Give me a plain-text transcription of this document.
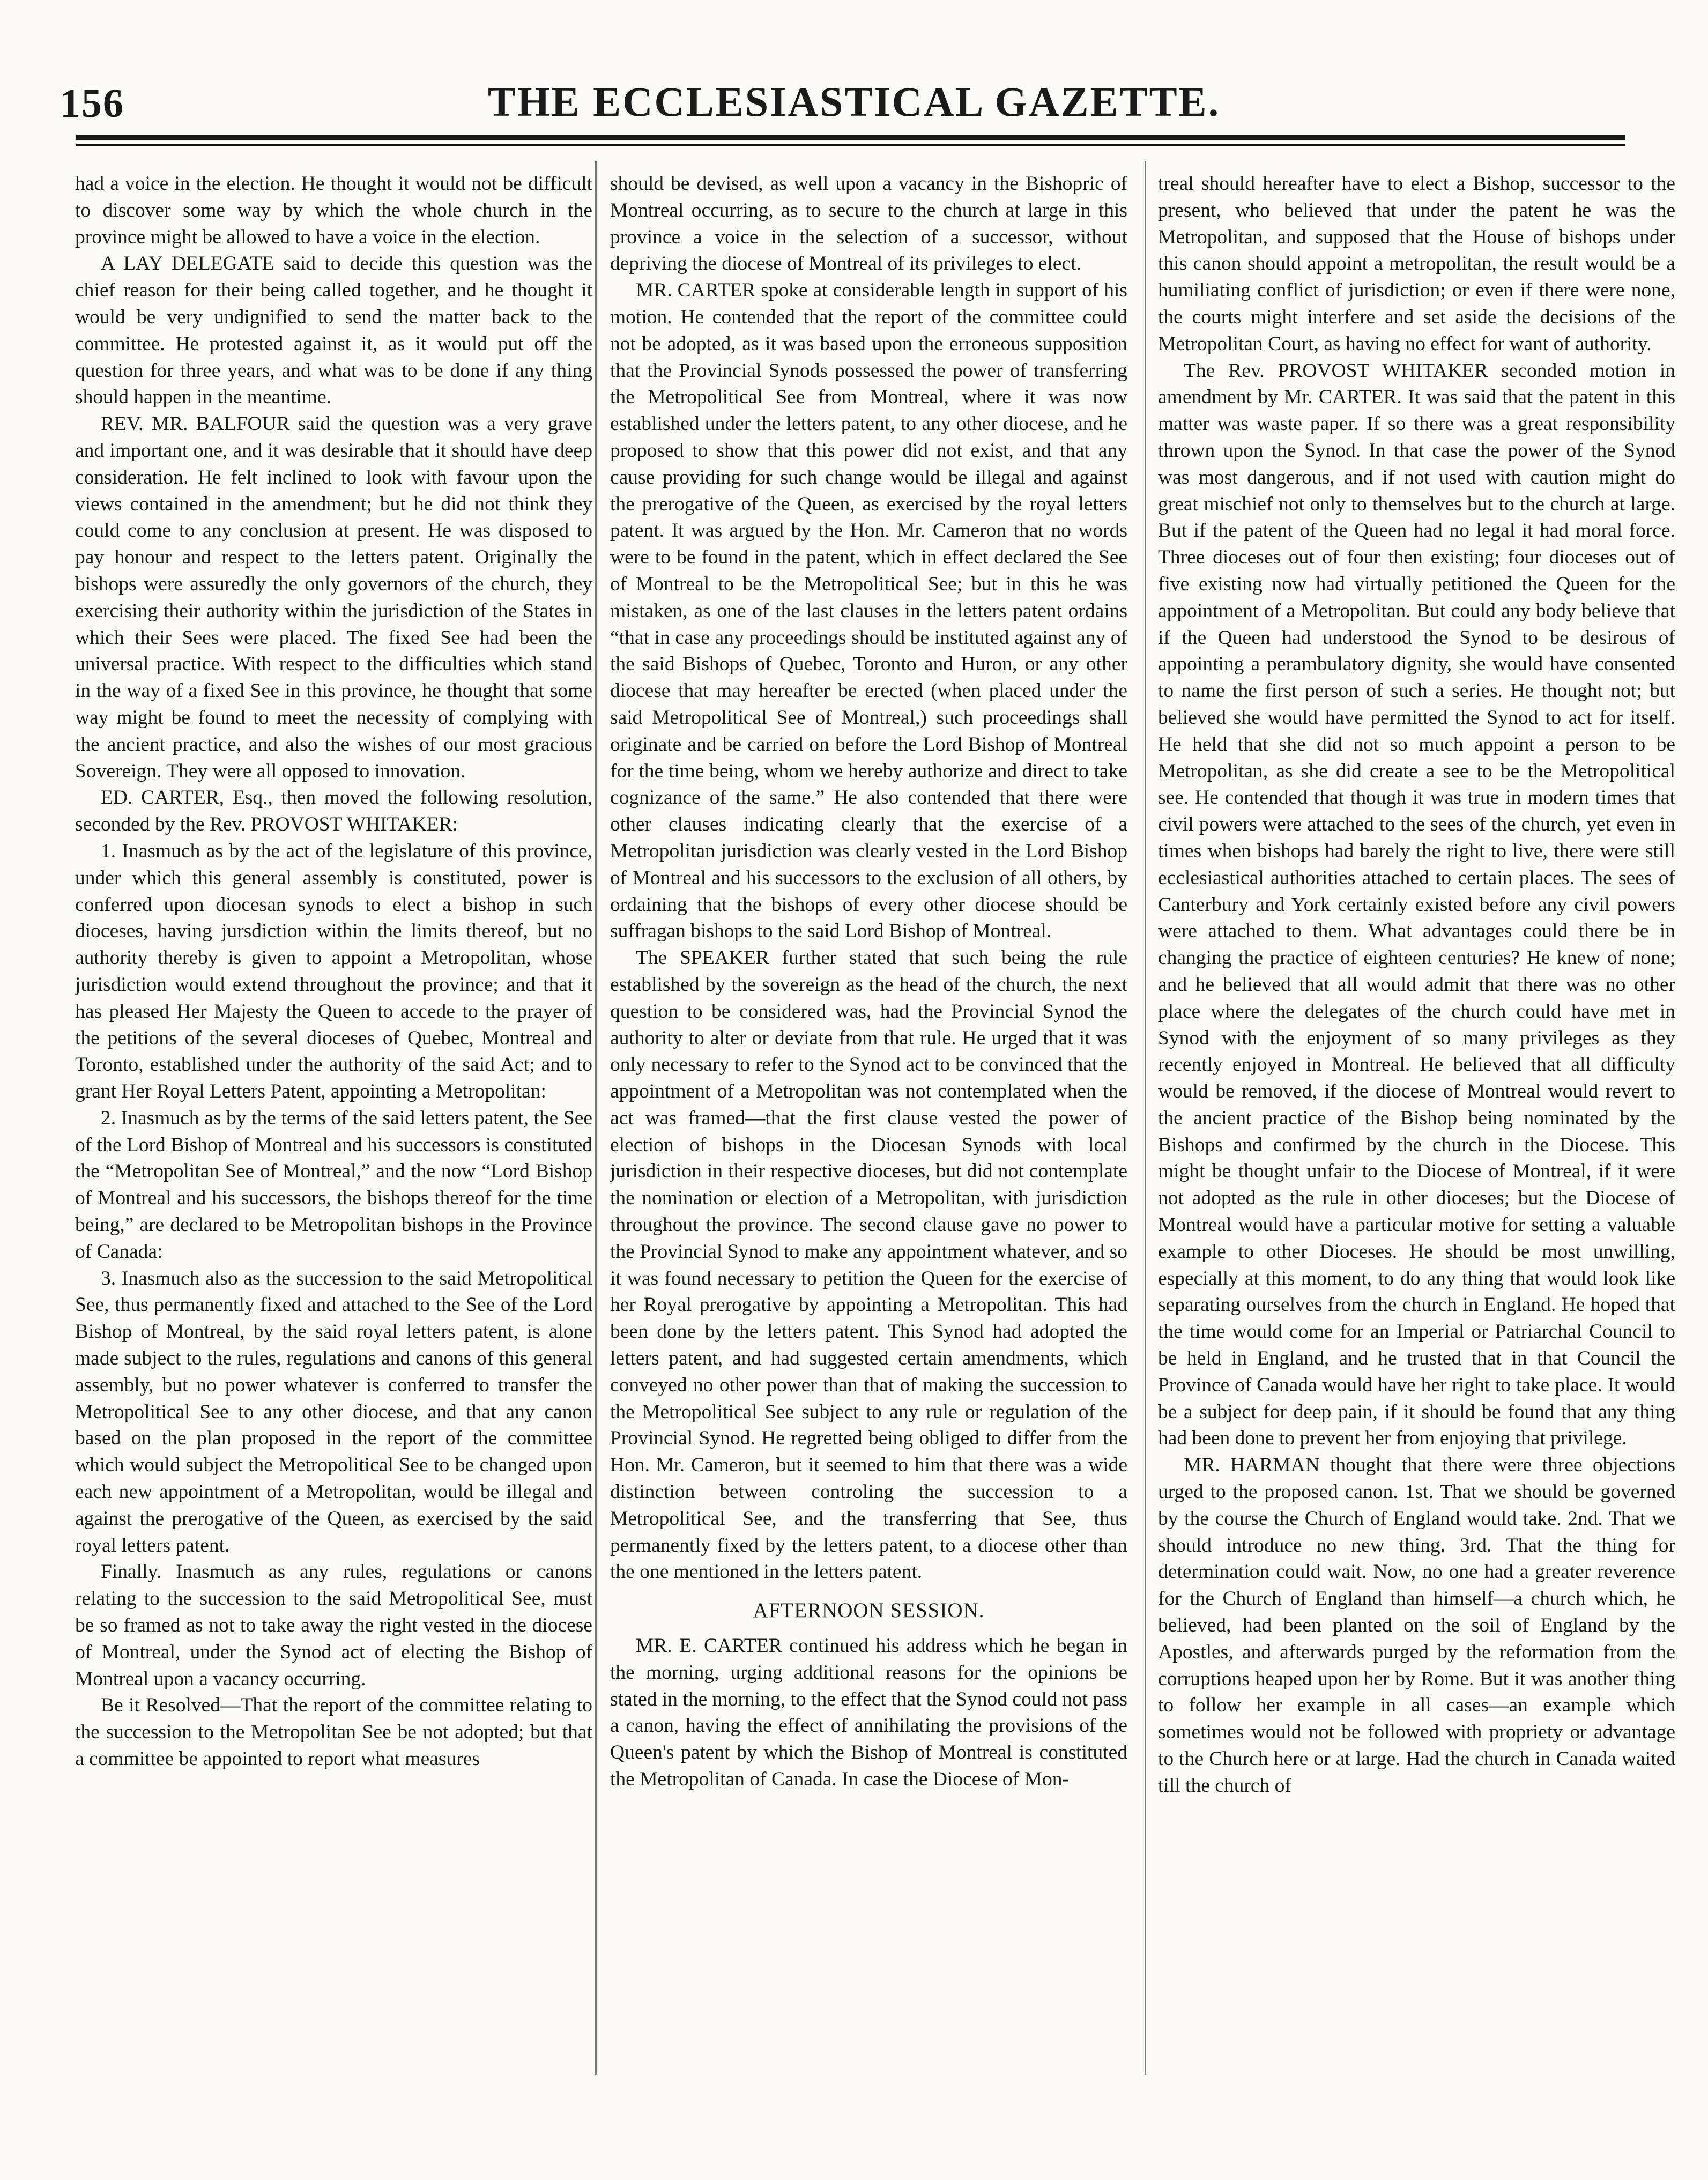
156	THE ECCLESIASTICAL GAZETTE.

had a voice in the election. He thought it would not be difficult to discover some way by which the whole church in the province might be allowed to have a voice in the election.

A LAY DELEGATE said to decide this question was the chief reason for their being called together, and he thought it would be very undignified to send the matter back to the committee. He protested against it, as it would put off the question for three years, and what was to be done if any thing should happen in the meantime.

REV. MR. BALFOUR said the question was a very grave and important one, and it was desirable that it should have deep consideration. He felt inclined to look with favour upon the views contained in the amendment; but he did not think they could come to any conclusion at present. He was disposed to pay honour and respect to the letters patent. Originally the bishops were assuredly the only governors of the church, they exercising their authority within the jurisdiction of the States in which their Sees were placed. The fixed See had been the universal practice. With respect to the difficulties which stand in the way of a fixed See in this province, he thought that some way might be found to meet the necessity of complying with the ancient practice, and also the wishes of our most gracious Sovereign. They were all opposed to innovation.

ED. CARTER, Esq., then moved the following resolution, seconded by the Rev. PROVOST WHITAKER:

1. Inasmuch as by the act of the legislature of this province, under which this general assembly is constituted, power is conferred upon diocesan synods to elect a bishop in such dioceses, having jursdiction within the limits thereof, but no authority thereby is given to appoint a Metropolitan, whose jurisdiction would extend throughout the province; and that it has pleased Her Majesty the Queen to accede to the prayer of the petitions of the several dioceses of Quebec, Montreal and Toronto, established under the authority of the said Act; and to grant Her Royal Letters Patent, appointing a Metropolitan:

2. Inasmuch as by the terms of the said letters patent, the See of the Lord Bishop of Montreal and his successors is constituted the “Metropolitan See of Montreal,” and the now “Lord Bishop of Montreal and his successors, the bishops thereof for the time being,” are declared to be Metropolitan bishops in the Province of Canada:

3. Inasmuch also as the succession to the said Metropolitical See, thus permanently fixed and attached to the See of the Lord Bishop of Montreal, by the said royal letters patent, is alone made subject to the rules, regulations and canons of this general assembly, but no power whatever is conferred to transfer the Metropolitical See to any other diocese, and that any canon based on the plan proposed in the report of the committee which would subject the Metropolitical See to be changed upon each new appointment of a Metropolitan, would be illegal and against the prerogative of the Queen, as exercised by the said royal letters patent.

Finally. Inasmuch as any rules, regulations or canons relating to the succession to the said Metropolitical See, must be so framed as not to take away the right vested in the diocese of Montreal, under the Synod act of electing the Bishop of Montreal upon a vacancy occurring.

Be it Resolved—That the report of the committee relating to the succession to the Metropolitan See be not adopted; but that a committee be appointed to report what measures

should be devised, as well upon a vacancy in the Bishopric of Montreal occurring, as to secure to the church at large in this province a voice in the selection of a successor, without depriving the diocese of Montreal of its privileges to elect.

MR. CARTER spoke at considerable length in support of his motion. He contended that the report of the committee could not be adopted, as it was based upon the erroneous supposition that the Provincial Synods possessed the power of transferring the Metropolitical See from Montreal, where it was now established under the letters patent, to any other diocese, and he proposed to show that this power did not exist, and that any cause providing for such change would be illegal and against the prerogative of the Queen, as exercised by the royal letters patent. It was argued by the Hon. Mr. Cameron that no words were to be found in the patent, which in effect declared the See of Montreal to be the Metropolitical See; but in this he was mistaken, as one of the last clauses in the letters patent ordains “that in case any proceedings should be instituted against any of the said Bishops of Quebec, Toronto and Huron, or any other diocese that may hereafter be erected (when placed under the said Metropolitical See of Montreal,) such proceedings shall originate and be carried on before the Lord Bishop of Montreal for the time being, whom we hereby authorize and direct to take cognizance of the same.” He also contended that there were other clauses indicating clearly that the exercise of a Metropolitan jurisdiction was clearly vested in the Lord Bishop of Montreal and his successors to the exclusion of all others, by ordaining that the bishops of every other diocese should be suffragan bishops to the said Lord Bishop of Montreal.

The SPEAKER further stated that such being the rule established by the sovereign as the head of the church, the next question to be considered was, had the Provincial Synod the authority to alter or deviate from that rule. He urged that it was only necessary to refer to the Synod act to be convinced that the appointment of a Metropolitan was not contemplated when the act was framed—that the first clause vested the power of election of bishops in the Diocesan Synods with local jurisdiction in their respective dioceses, but did not contemplate the nomination or election of a Metropolitan, with jurisdiction throughout the province. The second clause gave no power to the Provincial Synod to make any appointment whatever, and so it was found necessary to petition the Queen for the exercise of her Royal prerogative by appointing a Metropolitan. This had been done by the letters patent. This Synod had adopted the letters patent, and had suggested certain amendments, which conveyed no other power than that of making the succession to the Metropolitical See subject to any rule or regulation of the Provincial Synod. He regretted being obliged to differ from the Hon. Mr. Cameron, but it seemed to him that there was a wide distinction between controling the succession to a Metropolitical See, and the transferring that See, thus permanently fixed by the letters patent, to a diocese other than the one mentioned in the letters patent.

AFTERNOON SESSION.

MR. E. CARTER continued his address which he began in the morning, urging additional reasons for the opinions be stated in the morning, to the effect that the Synod could not pass a canon, having the effect of annihilating the provisions of the Queen's patent by which the Bishop of Montreal is constituted the Metropolitan of Canada. In case the Diocese of Mon-

treal should hereafter have to elect a Bishop, successor to the present, who believed that under the patent he was the Metropolitan, and supposed that the House of bishops under this canon should appoint a metropolitan, the result would be a humiliating conflict of jurisdiction; or even if there were none, the courts might interfere and set aside the decisions of the Metropolitan Court, as having no effect for want of authority.

The Rev. PROVOST WHITAKER seconded motion in amendment by Mr. CARTER. It was said that the patent in this matter was waste paper. If so there was a great responsibility thrown upon the Synod. In that case the power of the Synod was most dangerous, and if not used with caution might do great mischief not only to themselves but to the church at large. But if the patent of the Queen had no legal it had moral force. Three dioceses out of four then existing; four dioceses out of five existing now had virtually petitioned the Queen for the appointment of a Metropolitan. But could any body believe that if the Queen had understood the Synod to be desirous of appointing a perambulatory dignity, she would have consented to name the first person of such a series. He thought not; but believed she would have permitted the Synod to act for itself. He held that she did not so much appoint a person to be Metropolitan, as she did create a see to be the Metropolitical see. He contended that though it was true in modern times that civil powers were attached to the sees of the church, yet even in times when bishops had barely the right to live, there were still ecclesiastical authorities attached to certain places. The sees of Canterbury and York certainly existed before any civil powers were attached to them. What advantages could there be in changing the practice of eighteen centuries? He knew of none; and he believed that all would admit that there was no other place where the delegates of the church could have met in Synod with the enjoyment of so many privileges as they recently enjoyed in Montreal. He believed that all difficulty would be removed, if the diocese of Montreal would revert to the ancient practice of the Bishop being nominated by the Bishops and confirmed by the church in the Diocese. This might be thought unfair to the Diocese of Montreal, if it were not adopted as the rule in other dioceses; but the Diocese of Montreal would have a particular motive for setting a valuable example to other Dioceses. He should be most unwilling, especially at this moment, to do any thing that would look like separating ourselves from the church in England. He hoped that the time would come for an Imperial or Patriarchal Council to be held in England, and he trusted that in that Council the Province of Canada would have her right to take place. It would be a subject for deep pain, if it should be found that any thing had been done to prevent her from enjoying that privilege.

MR. HARMAN thought that there were three objections urged to the proposed canon. 1st. That we should be governed by the course the Church of England would take. 2nd. That we should introduce no new thing. 3rd. That the thing for determination could wait. Now, no one had a greater reverence for the Church of England than himself—a church which, he believed, had been planted on the soil of England by the Apostles, and afterwards purged by the reformation from the corruptions heaped upon her by Rome. But it was another thing to follow her example in all cases—an example which sometimes would not be followed with propriety or advantage to the Church here or at large. Had the church in Canada waited till the church of
